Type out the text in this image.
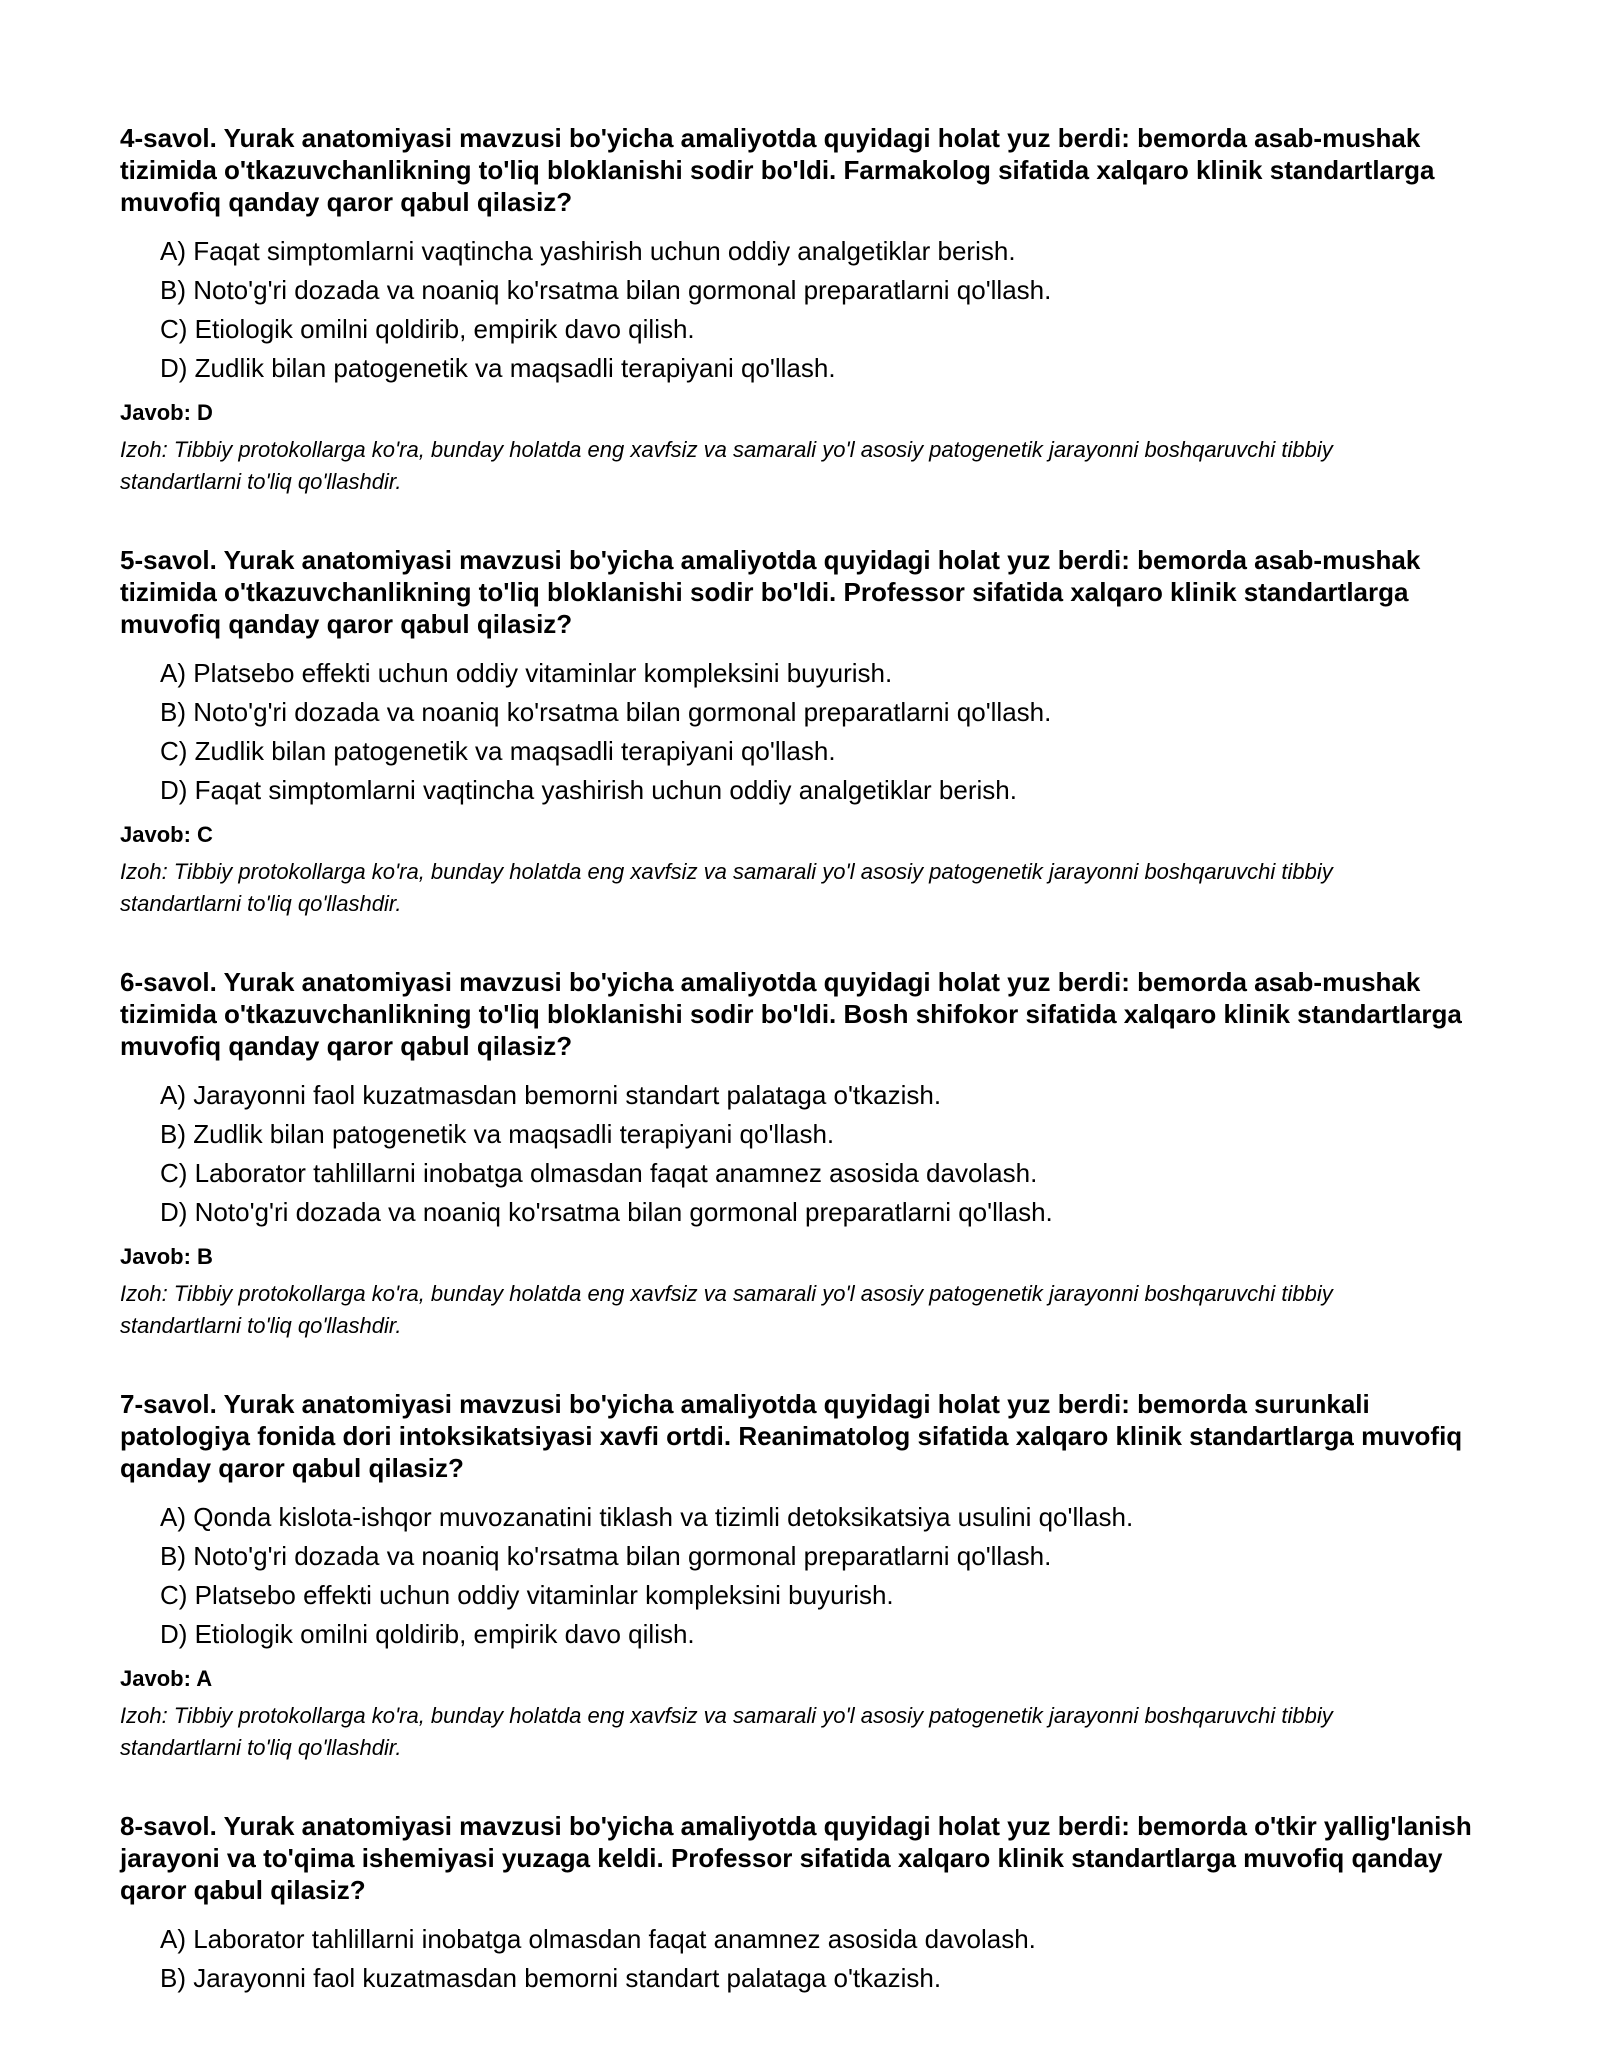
4-savol. Yurak anatomiyasi mavzusi bo'yicha amaliyotda quyidagi holat yuz berdi: bemorda asab-mushak tizimida o'tkazuvchanlikning to'liq bloklanishi sodir bo'ldi. Farmakolog sifatida xalqaro klinik standartlarga muvofiq qanday qaror qabul qilasiz?

A) Faqat simptomlarni vaqtincha yashirish uchun oddiy analgetiklar berish.
B) Noto'g'ri dozada va noaniq ko'rsatma bilan gormonal preparatlarni qo'llash.
C) Etiologik omilni qoldirib, empirik davo qilish.
D) Zudlik bilan patogenetik va maqsadli terapiyani qo'llash.

Javob: D

Izoh: Tibbiy protokollarga ko'ra, bunday holatda eng xavfsiz va samarali yo'l asosiy patogenetik jarayonni boshqaruvchi tibbiy standartlarni to'liq qo'llashdir.

5-savol. Yurak anatomiyasi mavzusi bo'yicha amaliyotda quyidagi holat yuz berdi: bemorda asab-mushak tizimida o'tkazuvchanlikning to'liq bloklanishi sodir bo'ldi. Professor sifatida xalqaro klinik standartlarga muvofiq qanday qaror qabul qilasiz?

A) Platsebo effekti uchun oddiy vitaminlar kompleksini buyurish.
B) Noto'g'ri dozada va noaniq ko'rsatma bilan gormonal preparatlarni qo'llash.
C) Zudlik bilan patogenetik va maqsadli terapiyani qo'llash.
D) Faqat simptomlarni vaqtincha yashirish uchun oddiy analgetiklar berish.

Javob: C

Izoh: Tibbiy protokollarga ko'ra, bunday holatda eng xavfsiz va samarali yo'l asosiy patogenetik jarayonni boshqaruvchi tibbiy standartlarni to'liq qo'llashdir.

6-savol. Yurak anatomiyasi mavzusi bo'yicha amaliyotda quyidagi holat yuz berdi: bemorda asab-mushak tizimida o'tkazuvchanlikning to'liq bloklanishi sodir bo'ldi. Bosh shifokor sifatida xalqaro klinik standartlarga muvofiq qanday qaror qabul qilasiz?

A) Jarayonni faol kuzatmasdan bemorni standart palataga o'tkazish.
B) Zudlik bilan patogenetik va maqsadli terapiyani qo'llash.
C) Laborator tahlillarni inobatga olmasdan faqat anamnez asosida davolash.
D) Noto'g'ri dozada va noaniq ko'rsatma bilan gormonal preparatlarni qo'llash.

Javob: B

Izoh: Tibbiy protokollarga ko'ra, bunday holatda eng xavfsiz va samarali yo'l asosiy patogenetik jarayonni boshqaruvchi tibbiy standartlarni to'liq qo'llashdir.

7-savol. Yurak anatomiyasi mavzusi bo'yicha amaliyotda quyidagi holat yuz berdi: bemorda surunkali patologiya fonida dori intoksikatsiyasi xavfi ortdi. Reanimatolog sifatida xalqaro klinik standartlarga muvofiq qanday qaror qabul qilasiz?

A) Qonda kislota-ishqor muvozanatini tiklash va tizimli detoksikatsiya usulini qo'llash.
B) Noto'g'ri dozada va noaniq ko'rsatma bilan gormonal preparatlarni qo'llash.
C) Platsebo effekti uchun oddiy vitaminlar kompleksini buyurish.
D) Etiologik omilni qoldirib, empirik davo qilish.

Javob: A

Izoh: Tibbiy protokollarga ko'ra, bunday holatda eng xavfsiz va samarali yo'l asosiy patogenetik jarayonni boshqaruvchi tibbiy standartlarni to'liq qo'llashdir.

8-savol. Yurak anatomiyasi mavzusi bo'yicha amaliyotda quyidagi holat yuz berdi: bemorda o'tkir yallig'lanish jarayoni va to'qima ishemiyasi yuzaga keldi. Professor sifatida xalqaro klinik standartlarga muvofiq qanday qaror qabul qilasiz?

A) Laborator tahlillarni inobatga olmasdan faqat anamnez asosida davolash.
B) Jarayonni faol kuzatmasdan bemorni standart palataga o'tkazish.
